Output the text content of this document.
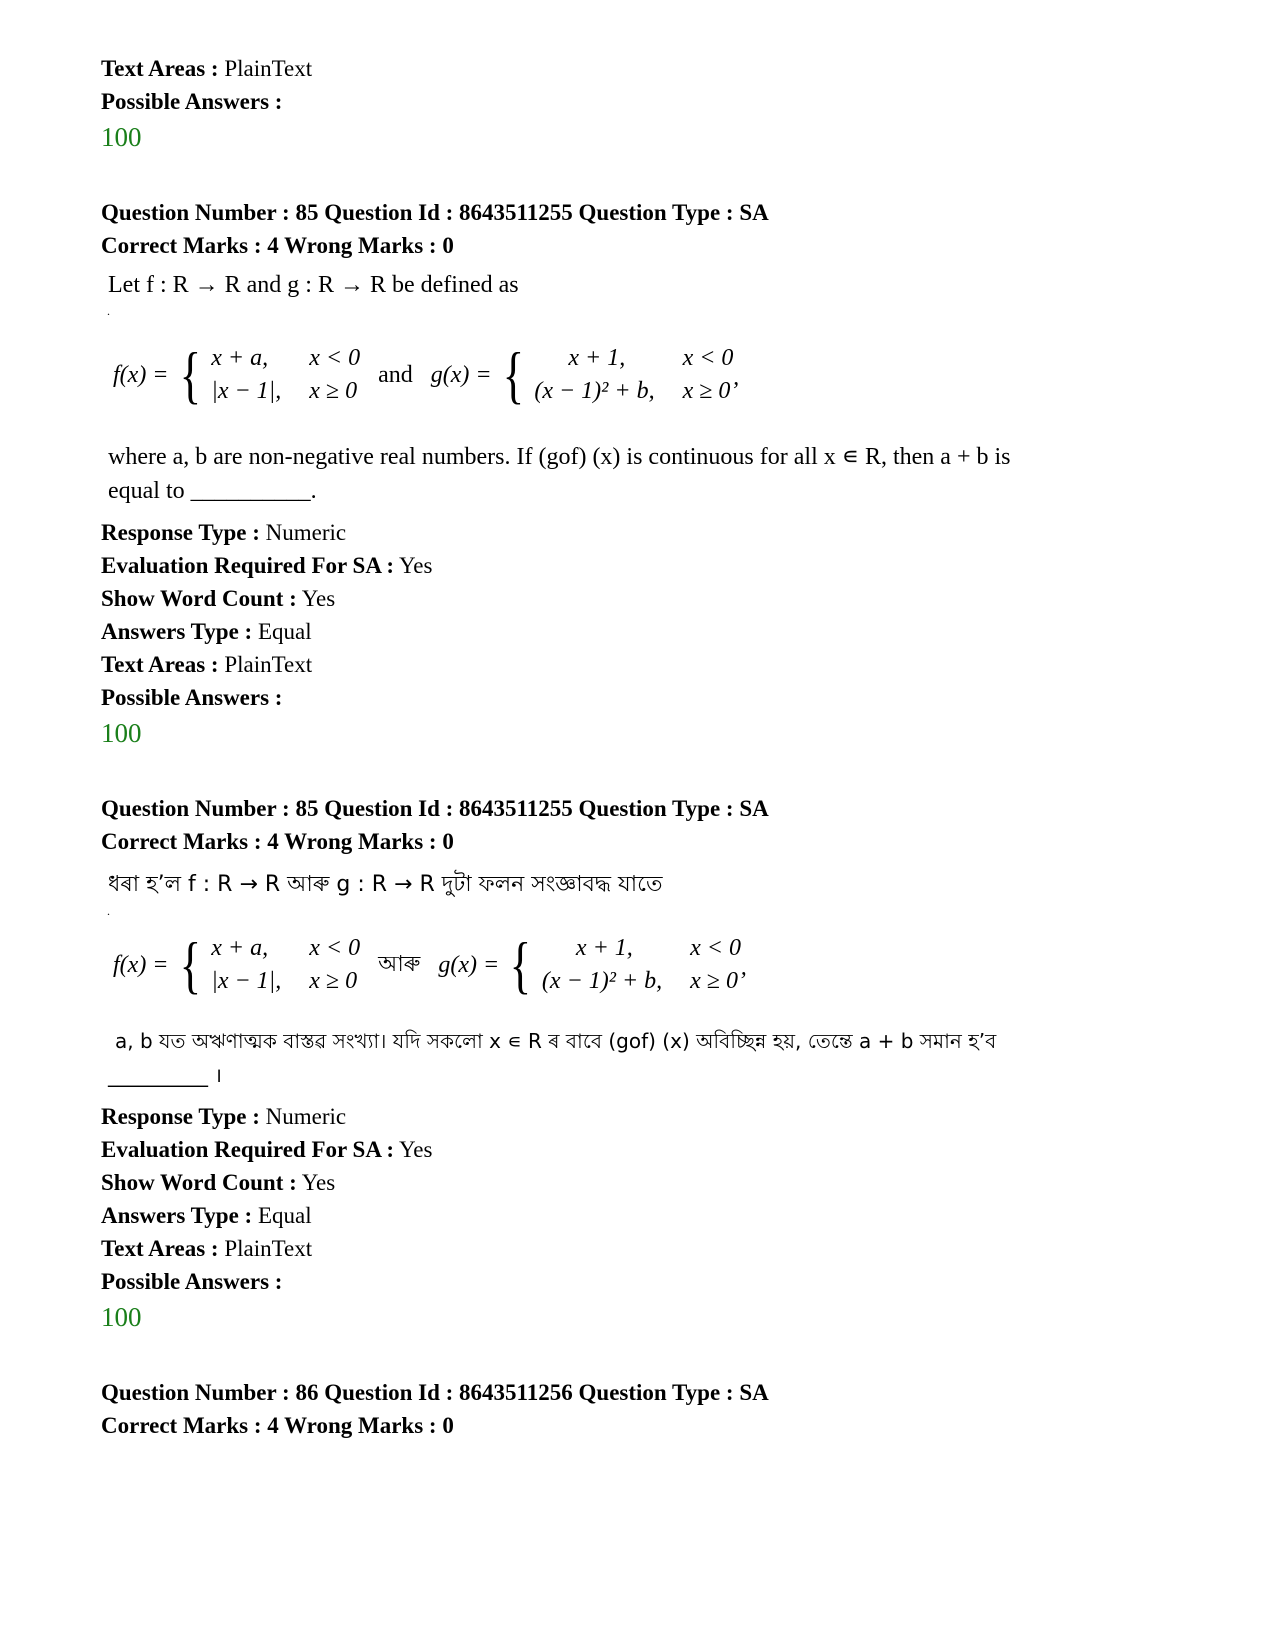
Text Areas : PlainText
Possible Answers :
100
Question Number : 85 Question Id : 8643511255 Question Type : SA
Correct Marks : 4 Wrong Marks : 0
Let f : R → R and g : R → R be defined as
.
f(x) = { x + a,	x < 0
|x − 1|, x ≥ 0
and g(x) = {	x + 1,	x < 0
(x − 1)² + b, x ≥ 0’
where a, b are non-negative real numbers. If (gof) (x) is continuous for all x ∊ R, then a + b is
equal to __________.
Response Type : Numeric
Evaluation Required For SA : Yes
Show Word Count : Yes
Answers Type : Equal
Text Areas : PlainText
Possible Answers :
100
Question Number : 85 Question Id : 8643511255 Question Type : SA
Correct Marks : 4 Wrong Marks : 0
ধৰা হ’ল f : R → R আৰু g : R → R দুটা ফলন সংজ্ঞাবদ্ধ যাতে
.
f(x) = { x + a,	x < 0
|x − 1|, x ≥ 0
আৰু g(x) = {	x + 1,	x < 0
(x − 1)² + b, x ≥ 0’
a, b যত অঋণাত্মক বাস্তৱ সংখ্যা। যদি সকলো x ∊ R ৰ বাবে (gof) (x) অবিচ্ছিন্ন হয়, তেন্তে a + b সমান হ’ব
__________ ।
Response Type : Numeric
Evaluation Required For SA : Yes
Show Word Count : Yes
Answers Type : Equal
Text Areas : PlainText
Possible Answers :
100
Question Number : 86 Question Id : 8643511256 Question Type : SA
Correct Marks : 4 Wrong Marks : 0
